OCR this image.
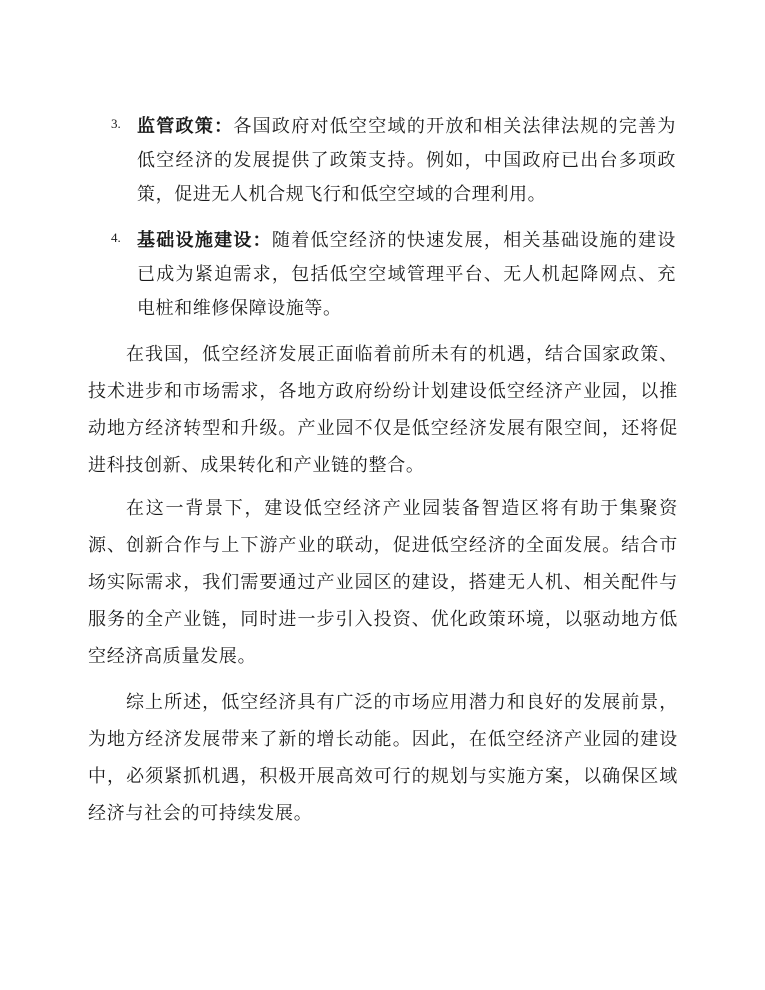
3. 监管政策：各国政府对低空空域的开放和相关法律法规的完善为低空经济的发展提供了政策支持。例如，中国政府已出台多项政策，促进无人机合规飞行和低空空域的合理利用。
4. 基础设施建设：随着低空经济的快速发展，相关基础设施的建设已成为紧迫需求，包括低空空域管理平台、无人机起降网点、充电桩和维修保障设施等。

在我国，低空经济发展正面临着前所未有的机遇，结合国家政策、技术进步和市场需求，各地方政府纷纷计划建设低空经济产业园，以推动地方经济转型和升级。产业园不仅是低空经济发展有限空间，还将促进科技创新、成果转化和产业链的整合。

在这一背景下，建设低空经济产业园装备智造区将有助于集聚资源、创新合作与上下游产业的联动，促进低空经济的全面发展。结合市场实际需求，我们需要通过产业园区的建设，搭建无人机、相关配件与服务的全产业链，同时进一步引入投资、优化政策环境，以驱动地方低空经济高质量发展。

综上所述，低空经济具有广泛的市场应用潜力和良好的发展前景，为地方经济发展带来了新的增长动能。因此，在低空经济产业园的建设中，必须紧抓机遇，积极开展高效可行的规划与实施方案，以确保区域经济与社会的可持续发展。
